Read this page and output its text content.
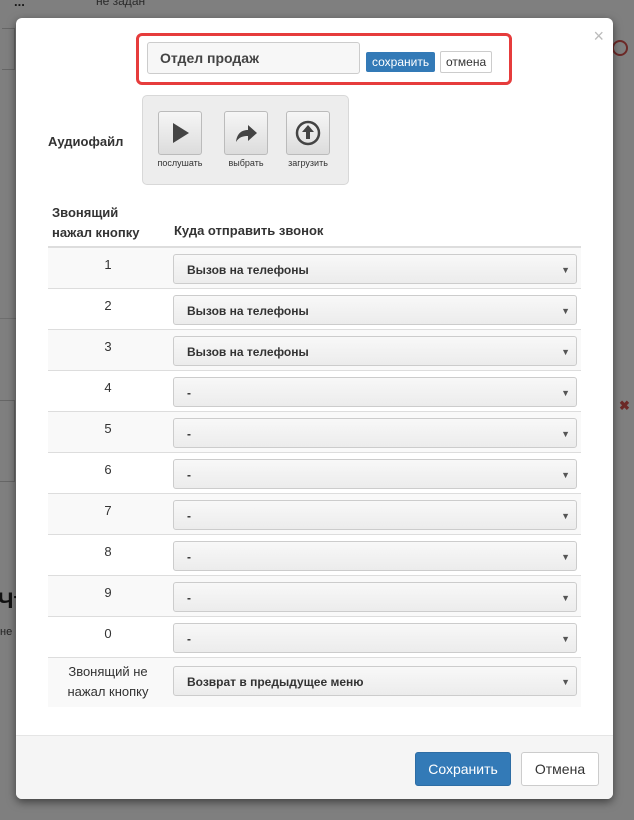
×
Отдел продаж	сохранить	отмена
Аудиофайл
послушать	выбрать	загрузить
Звонящий
нажал кнопку	Куда отправить звонок
1	Вызов на телефоны	▼
2	Вызов на телефоны	▼
3	Вызов на телефоны	▼
4	-	▼
5	-	▼
6	-	▼
7	-	▼
8	-	▼
9	-	▼
0	-	▼
Звонящий не
нажал кнопку
Возврат в предыдущее меню	▼
Сохранить	Отмена
